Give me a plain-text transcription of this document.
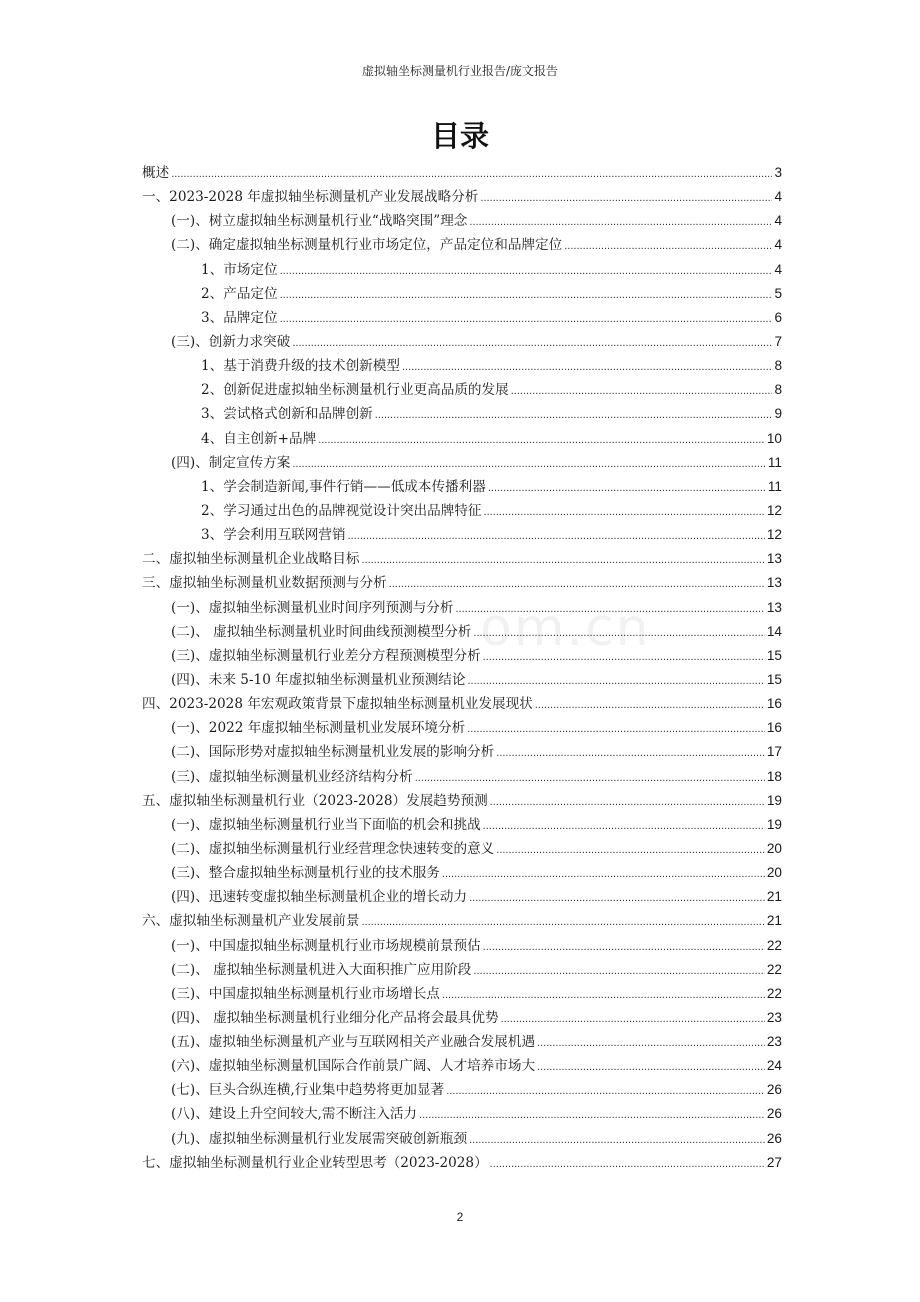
虚拟轴坐标测量机行业报告/庞文报告
目录
om.cn
概述 .....	3
一、2023-2028 年虚拟轴坐标测量机产业发展战略分析 .....	4
(一)、树立虚拟轴坐标测量机行业“战略突围”理念 .....	4
(二)、确定虚拟轴坐标测量机行业市场定位，产品定位和品牌定位 .....	4
1、市场定位 .....	4
2、产品定位 .....	5
3、品牌定位 .....	6
(三)、创新力求突破 .....	7
1、基于消费升级的技术创新模型 .....	8
2、创新促进虚拟轴坐标测量机行业更高品质的发展 .....	8
3、尝试格式创新和品牌创新 .....	9
4、自主创新+品牌 .....	10
(四)、制定宣传方案 .....	11
1、学会制造新闻,事件行销——低成本传播利器 .....	11
2、学习通过出色的品牌视觉设计突出品牌特征 .....	12
3、学会利用互联网营销 .....	12
二、虚拟轴坐标测量机企业战略目标 .....	13
三、虚拟轴坐标测量机业数据预测与分析 .....	13
(一)、虚拟轴坐标测量机业时间序列预测与分析 .....	13
(二)、 虚拟轴坐标测量机业时间曲线预测模型分析 .....	14
(三)、虚拟轴坐标测量机行业差分方程预测模型分析 .....	15
(四)、未来 5-10 年虚拟轴坐标测量机业预测结论 .....	15
四、2023-2028 年宏观政策背景下虚拟轴坐标测量机业发展现状 .....	16
(一)、2022 年虚拟轴坐标测量机业发展环境分析 .....	16
(二)、国际形势对虚拟轴坐标测量机业发展的影响分析 .....	17
(三)、虚拟轴坐标测量机业经济结构分析 .....	18
五、虚拟轴坐标测量机行业（2023-2028）发展趋势预测 .....	19
(一)、虚拟轴坐标测量机行业当下面临的机会和挑战 .....	19
(二)、虚拟轴坐标测量机行业经营理念快速转变的意义 .....	20
(三)、整合虚拟轴坐标测量机行业的技术服务 .....	20
(四)、迅速转变虚拟轴坐标测量机企业的增长动力 .....	21
六、虚拟轴坐标测量机产业发展前景 .....	21
(一)、中国虚拟轴坐标测量机行业市场规模前景预估 .....	22
(二)、 虚拟轴坐标测量机进入大面积推广应用阶段 .....	22
(三)、中国虚拟轴坐标测量机行业市场增长点 .....	22
(四)、 虚拟轴坐标测量机行业细分化产品将会最具优势 .....	23
(五)、虚拟轴坐标测量机产业与互联网相关产业融合发展机遇 .....	23
(六)、虚拟轴坐标测量机国际合作前景广阔、人才培养市场大 .....	24
(七)、巨头合纵连横,行业集中趋势将更加显著 .....	26
(八)、建设上升空间较大,需不断注入活力 .....	26
(九)、虚拟轴坐标测量机行业发展需突破创新瓶颈 .....	26
七、虚拟轴坐标测量机行业企业转型思考（2023-2028） .....	27
2
